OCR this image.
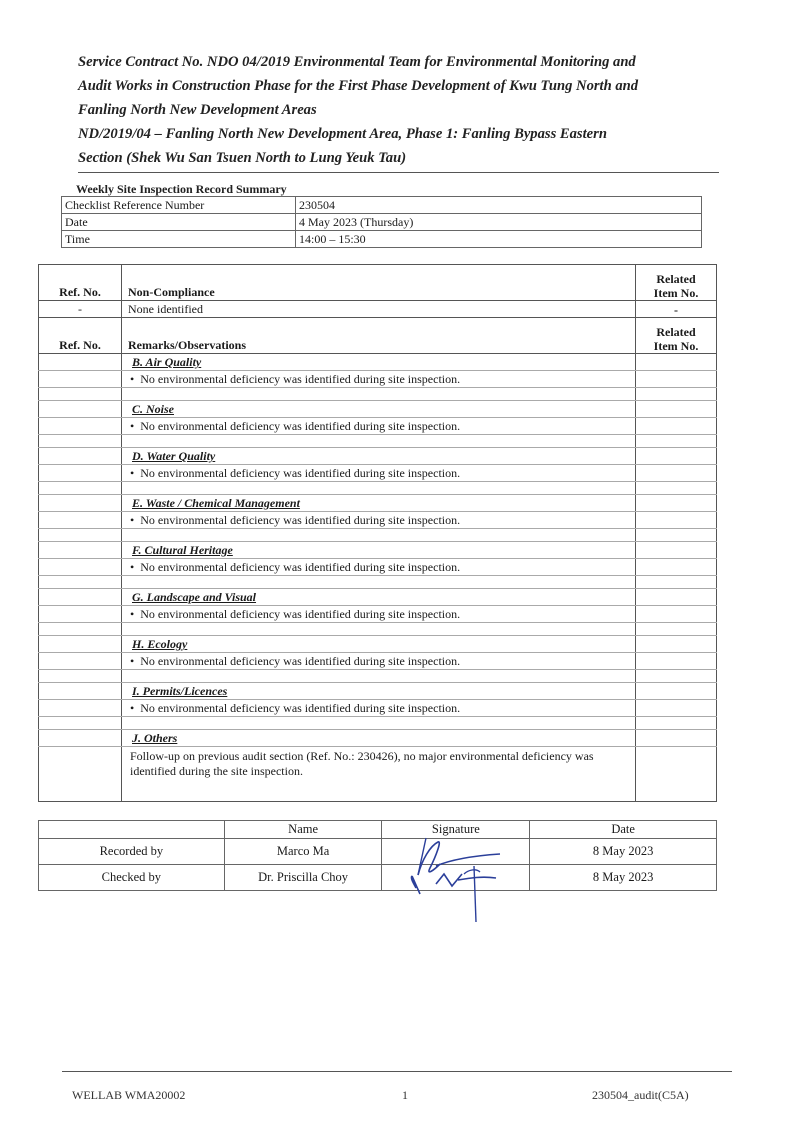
Service Contract No. NDO 04/2019 Environmental Team for Environmental Monitoring and

Audit Works in Construction Phase for the First Phase Development of Kwu Tung North and

Fanling North New Development Areas

ND/2019/04 – Fanling North New Development Area, Phase 1: Fanling Bypass Eastern

Section (Shek Wu San Tsuen North to Lung Yeuk Tau)

Weekly Site Inspection Record Summary
Checklist Reference Number	230504
Date	4 May 2023 (Thursday)
Time	14:00 – 15:30
Ref. No.	Non-Compliance	Related
Item No.
-	None identified	-
Ref. No.	Remarks/Observations	Related
Item No.
	B. Air Quality	
	•  No environmental deficiency was identified during site inspection.	

	C. Noise	
	•  No environmental deficiency was identified during site inspection.	

	D. Water Quality	
	•  No environmental deficiency was identified during site inspection.	

	E. Waste / Chemical Management	
	•  No environmental deficiency was identified during site inspection.	

	F. Cultural Heritage	
	•  No environmental deficiency was identified during site inspection.	

	G. Landscape and Visual	
	•  No environmental deficiency was identified during site inspection.	

	H. Ecology	
	•  No environmental deficiency was identified during site inspection.	

	I. Permits/Licences	
	•  No environmental deficiency was identified during site inspection.	

	J. Others	
	Follow-up on previous audit section (Ref. No.: 230426), no major environmental deficiency was identified during the site inspection.	
	Name	Signature	Date
Recorded by	Marco Ma		8 May 2023
Checked by	Dr. Priscilla Choy		8 May 2023
WELLAB WMA20002	1	230504_audit(C5A)
